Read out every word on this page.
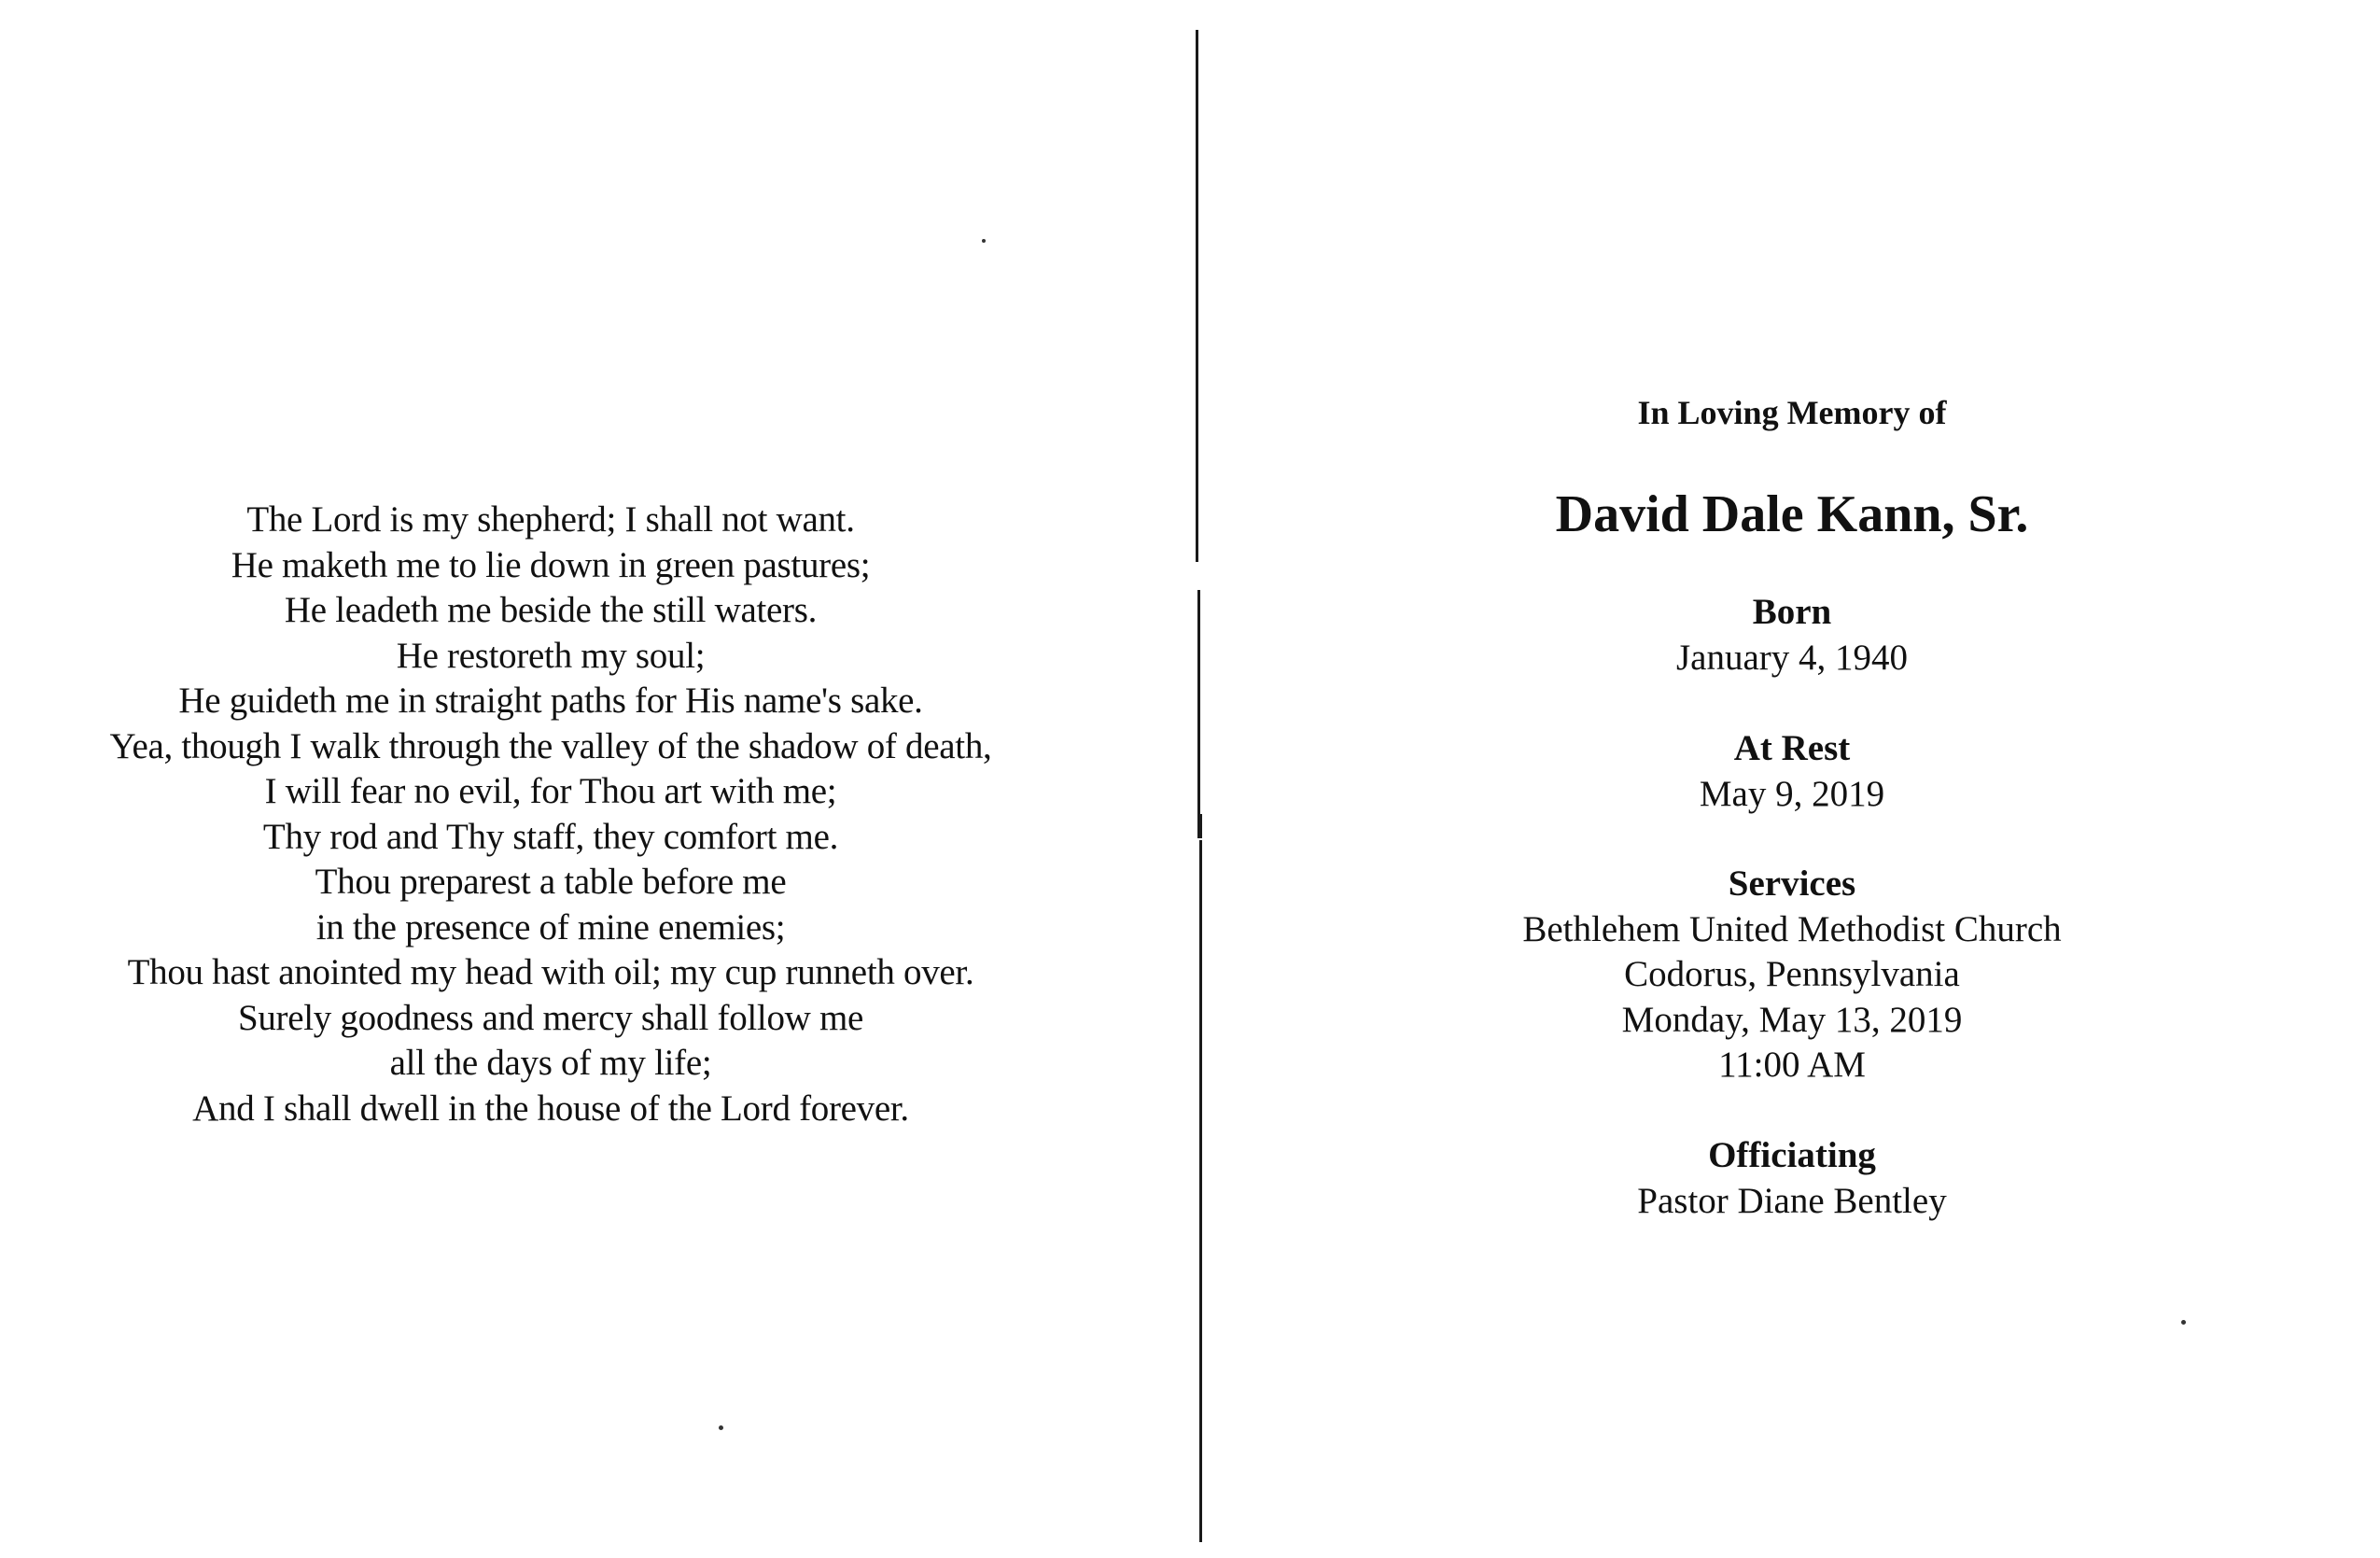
The Lord is my shepherd; I shall not want.
He maketh me to lie down in green pastures;
He leadeth me beside the still waters.
He restoreth my soul;
He guideth me in straight paths for His name's sake.
Yea, though I walk through the valley of the shadow of death,
I will fear no evil, for Thou art with me;
Thy rod and Thy staff, they comfort me.
Thou preparest a table before me
in the presence of mine enemies;
Thou hast anointed my head with oil; my cup runneth over.
Surely goodness and mercy shall follow me
all the days of my life;
And I shall dwell in the house of the Lord forever.

In Loving Memory of

David Dale Kann, Sr.

Born
January 4, 1940
At Rest
May 9, 2019
Services
Bethlehem United Methodist Church
Codorus, Pennsylvania
Monday, May 13, 2019
11:00 AM
Officiating
Pastor Diane Bentley
